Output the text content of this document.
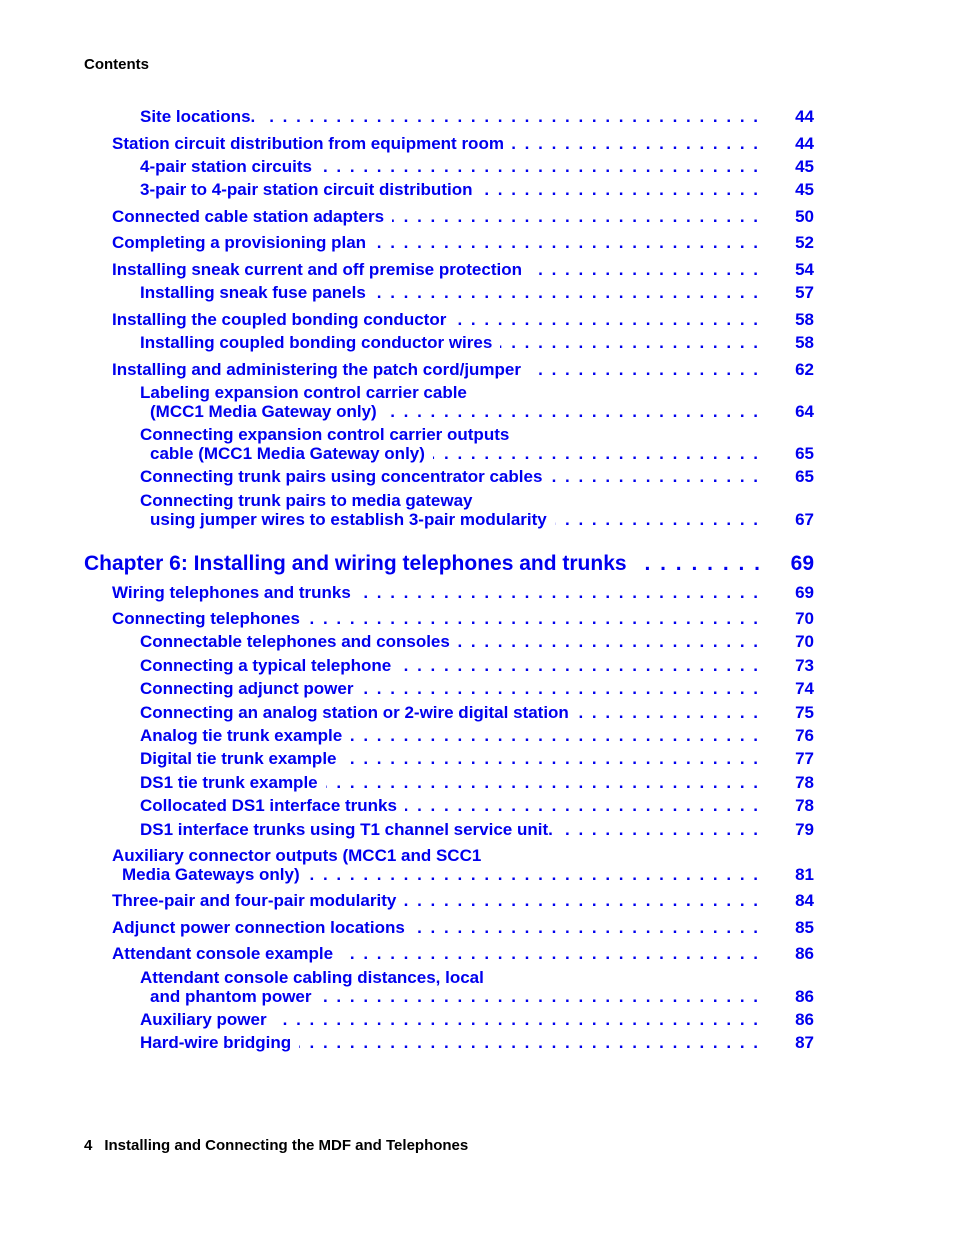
Contents
Site locations. . . .	44
Station circuit distribution from equipment room . . .	44
4-pair station circuits . . .	45
3-pair to 4-pair station circuit distribution . . .	45
Connected cable station adapters . . .	50
Completing a provisioning plan . . .	52
Installing sneak current and off premise protection . . .	54
Installing sneak fuse panels . . .	57
Installing the coupled bonding conductor . . .	58
Installing coupled bonding conductor wires . . .	58
Installing and administering the patch cord/jumper . . .	62
Labeling expansion control carrier cable
(MCC1 Media Gateway only) . . .	64
Connecting expansion control carrier outputs
cable (MCC1 Media Gateway only) . . .	65
Connecting trunk pairs using concentrator cables . . .	65
Connecting trunk pairs to media gateway
using jumper wires to establish 3-pair modularity . . .	67
Chapter 6: Installing and wiring telephones and trunks . . .	69
Wiring telephones and trunks . . .	69
Connecting telephones . . .	70
Connectable telephones and consoles . . .	70
Connecting a typical telephone . . .	73
Connecting adjunct power . . .	74
Connecting an analog station or 2-wire digital station . . .	75
Analog tie trunk example . . .	76
Digital tie trunk example . . .	77
DS1 tie trunk example . . .	78
Collocated DS1 interface trunks . . .	78
DS1 interface trunks using T1 channel service unit. . . .	79
Auxiliary connector outputs (MCC1 and SCC1
Media Gateways only) . . .	81
Three-pair and four-pair modularity . . .	84
Adjunct power connection locations . . .	85
Attendant console example . . .	86
Attendant console cabling distances, local
and phantom power . . .	86
Auxiliary power . . .	86
Hard-wire bridging . . .	87
4 Installing and Connecting the MDF and Telephones
